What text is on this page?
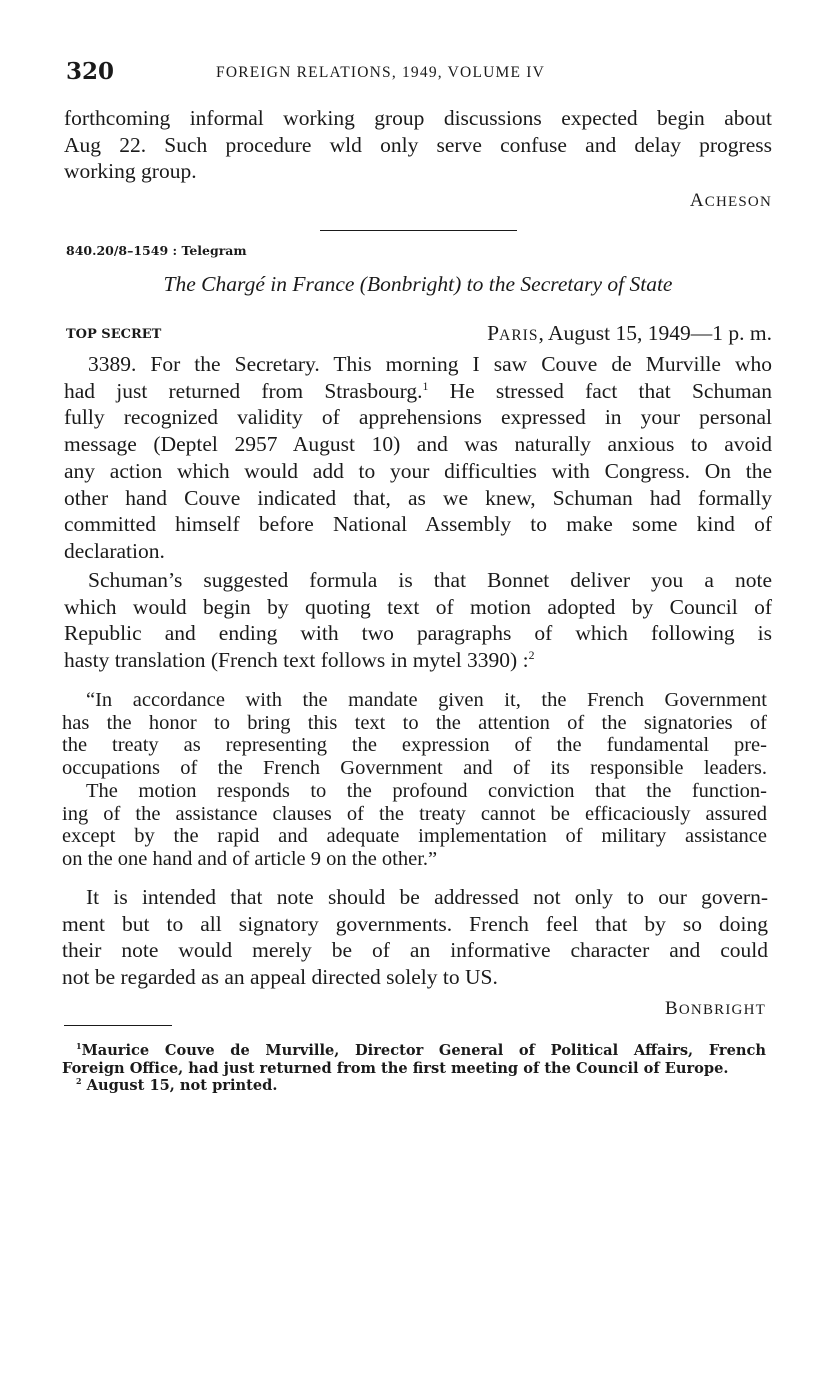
320	FOREIGN RELATIONS, 1949, VOLUME IV
forthcoming informal working group discussions expected begin about
Aug 22. Such procedure wld only serve confuse and delay progress
working group.
ACHESON
840.20/8–1549 : Telegram
The Chargé in France (Bonbright) to the Secretary of State
TOP SECRET	PARIS, August 15, 1949—1 p. m.
3389. For the Secretary. This morning I saw Couve de Murville who
had just returned from Strasbourg.$^1$ He stressed fact that Schuman
fully recognized validity of apprehensions expressed in your personal
message (Deptel 2957 August 10) and was naturally anxious to avoid
any action which would add to your difficulties with Congress. On the
other hand Couve indicated that, as we knew, Schuman had formally
committed himself before National Assembly to make some kind of
declaration.
Schuman’s suggested formula is that Bonnet deliver you a note
which would begin by quoting text of motion adopted by Council of
Republic and ending with two paragraphs of which following is
hasty translation (French text follows in mytel 3390) :$^2$
“In accordance with the mandate given it, the French Government
has the honor to bring this text to the attention of the signatories of
the treaty as representing the expression of the fundamental pre-
occupations of the French Government and of its responsible leaders.
The motion responds to the profound conviction that the function-
ing of the assistance clauses of the treaty cannot be efficaciously assured
except by the rapid and adequate implementation of military assistance
on the one hand and of article 9 on the other.”
It is intended that note should be addressed not only to our govern-
ment but to all signatory governments. French feel that by so doing
their note would merely be of an informative character and could
not be regarded as an appeal directed solely to US.
BONBRIGHT
$^1$Maurice Couve de Murville, Director General of Political Affairs, French
Foreign Office, had just returned from the first meeting of the Council of Europe.
$^2$ August 15, not printed.
